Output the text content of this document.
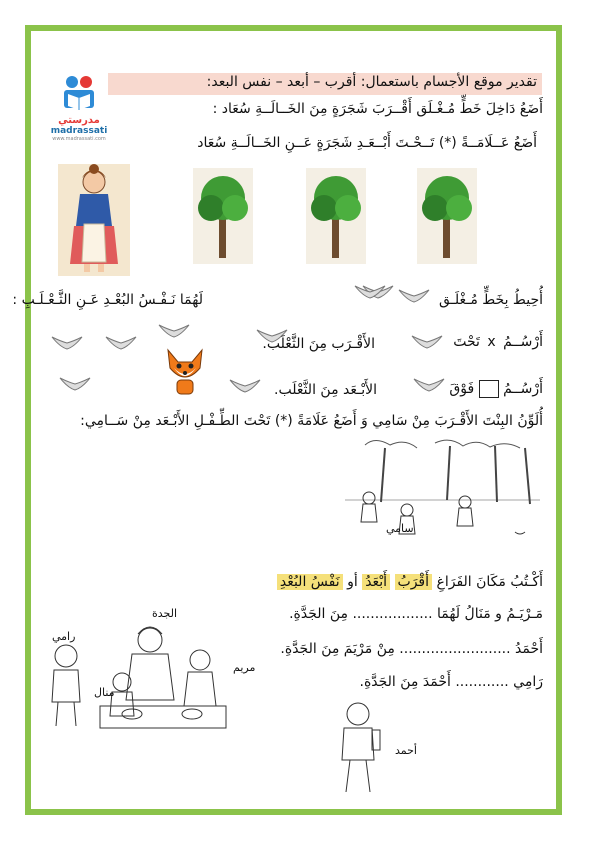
مدرستي
madrassati
www.madrassati.com
تقدير موقع الأجسام باستعمال: أقرب – أبعد – نفس البعد:
أَضَعُ دَاخِلَ خَطٍّ مُـغْـلَق أَقْــرَبَ شَجَرَةٍ مِنَ الخَــالَــةِ سُعَاد :
أَضَعُ عَــلَامَــةً (*) تَــحْـتَ أَبْــعَـدِ شَجَرَةٍ عَــنِ الخَــالَــةِ سُعَاد
أُحِيطُ بِخَطٍّ مُـغْلَـق
لَهُمَا نَـفْـسُ البُعْـدِ عَـنِ الثَّـعْـلَـبِ :
أَرْسُــمُ x تَحْتَ
الأَقْـرَب مِنَ الثَّعْلَب.
أَرْسُــمُ  فَوْقَ
الأَبْـعَد مِنَ الثَّعْلَب.
أُلَوِّنُ البِنْتَ الأَقْـرَبَ مِنْ سَامِي وَ أَضَعُ عَلَامَةً (*) تَحْتَ الطِّـفْـلِ الأَبْـعَد مِنْ سَــامِي:
سامي
أَكْـتُبُ مَكَانَ الفَرَاغِ أَقْرَبُ أَبْعَدُ أو نَفْسُ البُعْدِ
مَـرْيَـمُ و مَنَالُ لَهُمَا .................. مِنَ الجَدَّةِ.
أَحْمَدُ ......................... مِنْ مَرْيَمَ مِنَ الجَدَّةِ.
رَامِي ............ أَحْمَدَ مِنَ الجَدَّةِ.
الجدة
مريم
منال
رامي
أحمد
